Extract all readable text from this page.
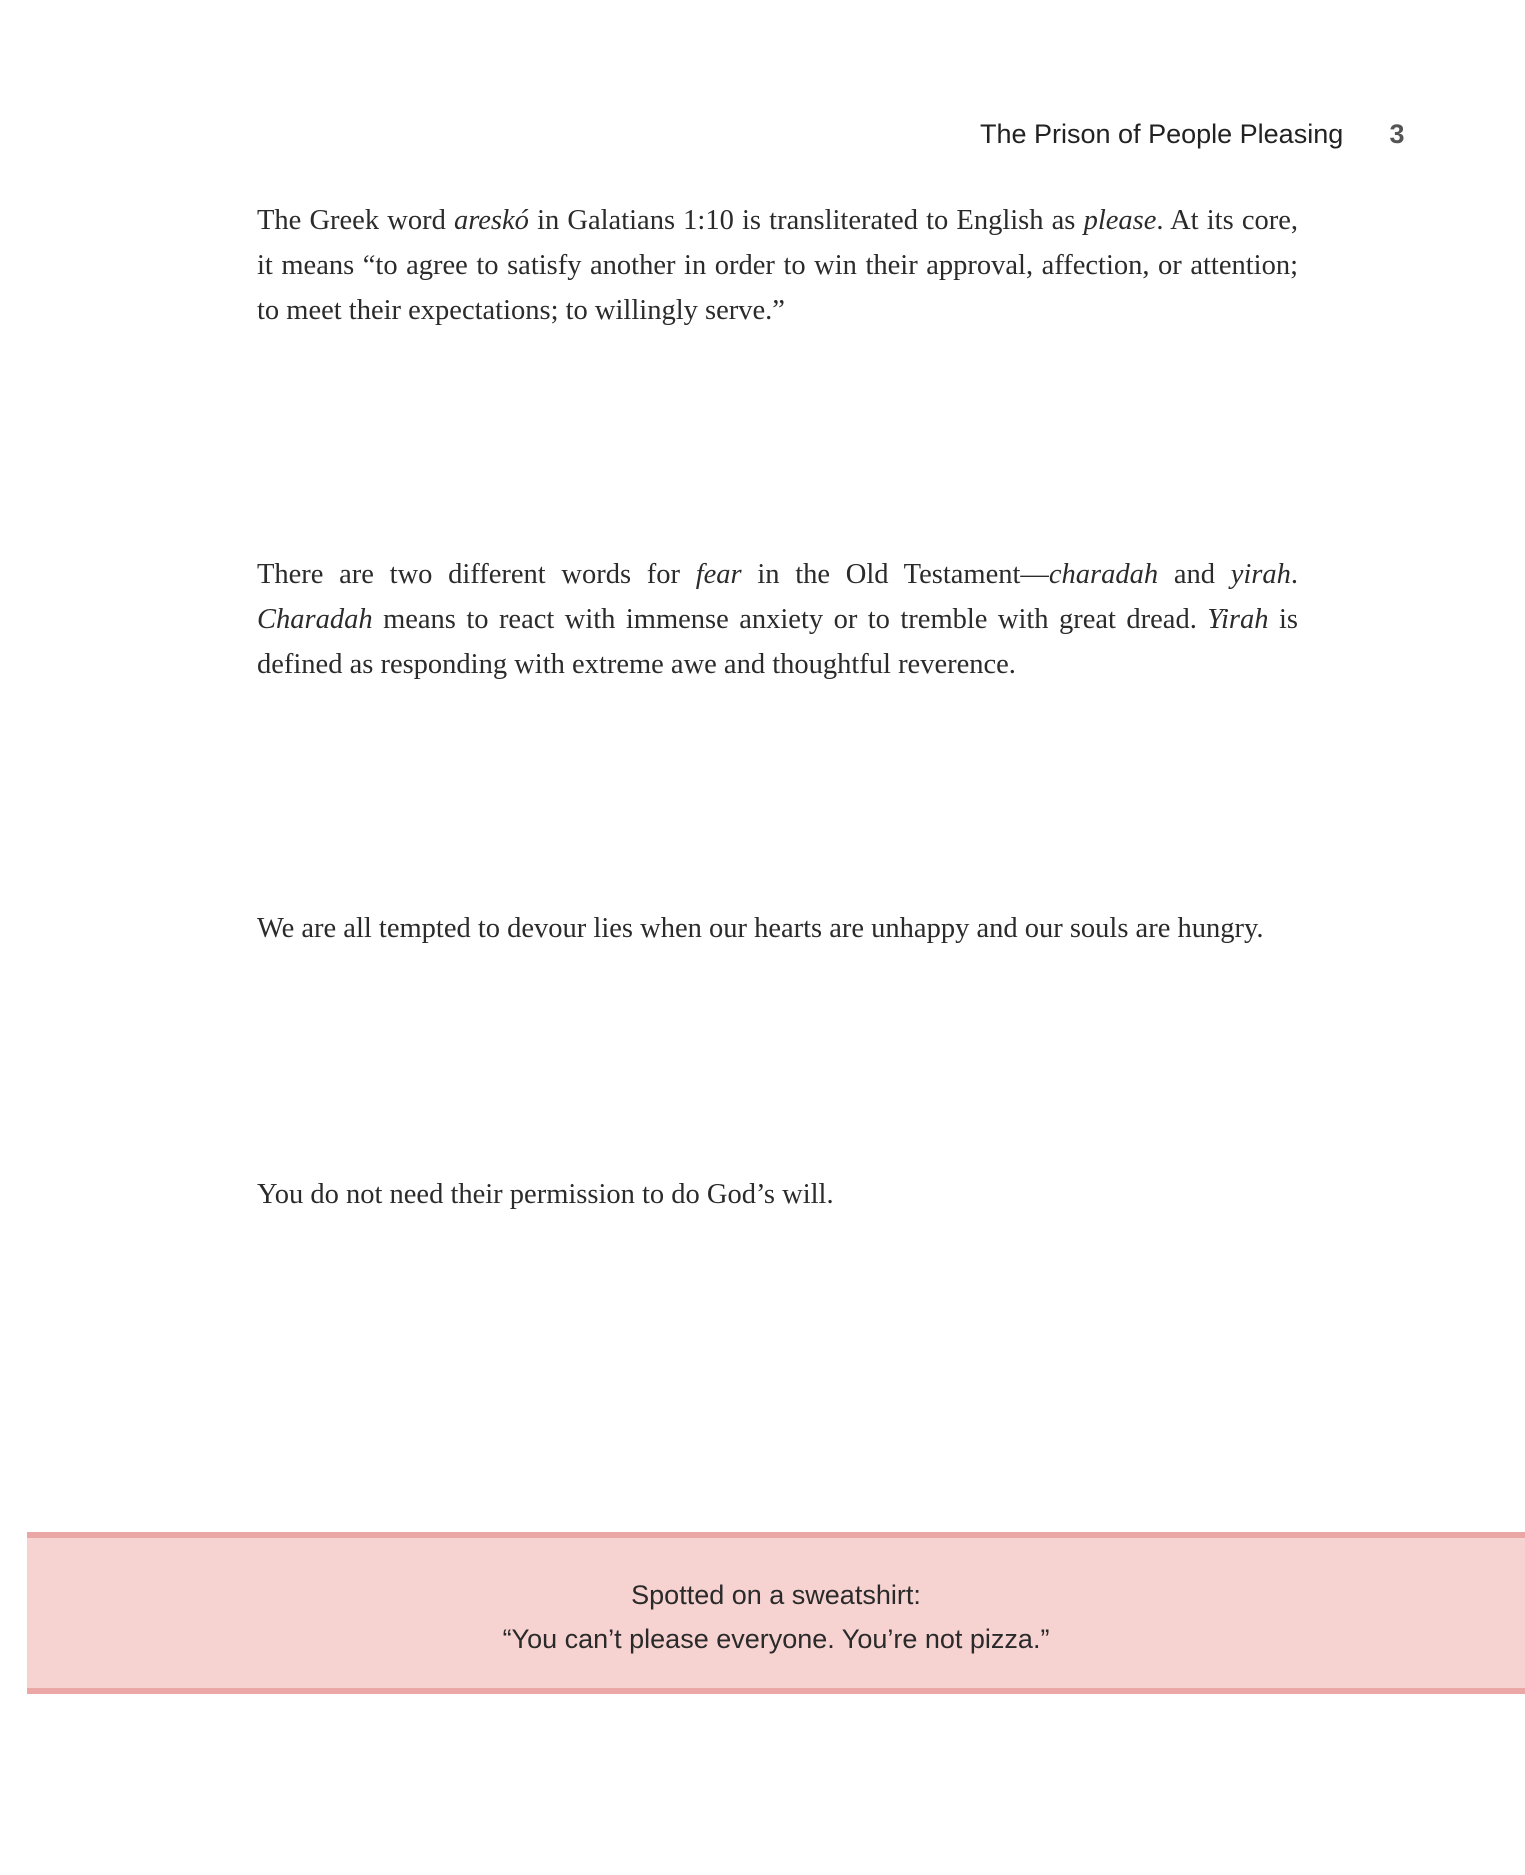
The Prison of People Pleasing	3

The Greek word areskó in Galatians 1:10 is transliterated to English as please. At its core, it means “to agree to satisfy another in order to win their approval, affection, or attention; to meet their expectations; to willingly serve.”

There are two different words for fear in the Old Testament—charadah and yirah. Charadah means to react with immense anxiety or to tremble with great dread. Yirah is defined as responding with extreme awe and thoughtful reverence.

We are all tempted to devour lies when our hearts are unhappy and our souls are hungry.

You do not need their permission to do God’s will.

Spotted on a sweatshirt:
“You can’t please everyone. You’re not pizza.”
